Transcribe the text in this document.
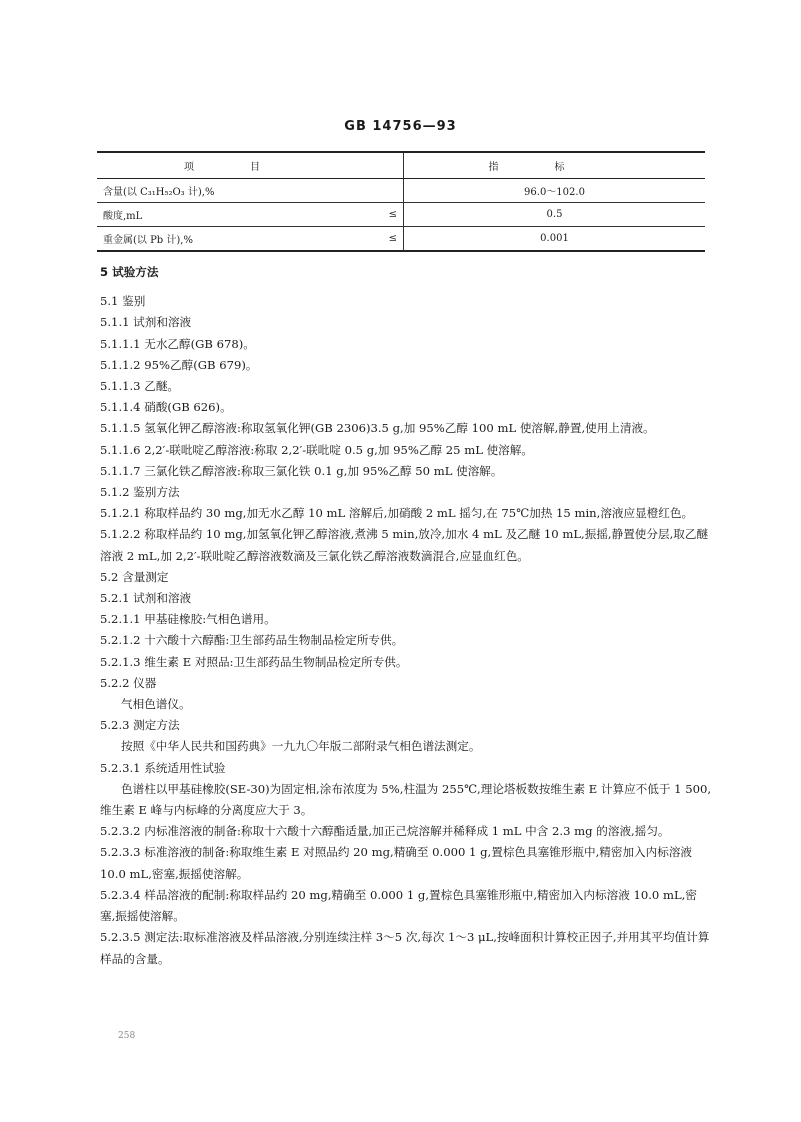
GB 14756—93
项目		指标
含量(以 C₃₁H₅₂O₃ 计),%		96.0～102.0
酸度,mL	≤	0.5
重金属(以 Pb 计),%	≤	0.001

5 试验方法

5.1 鉴别

5.1.1 试剂和溶液

5.1.1.1 无水乙醇(GB 678)。

5.1.1.2 95%乙醇(GB 679)。

5.1.1.3 乙醚。

5.1.1.4 硝酸(GB 626)。

5.1.1.5 氢氧化钾乙醇溶液:称取氢氧化钾(GB 2306)3.5 g,加 95%乙醇 100 mL 使溶解,静置,使用上清液。

5.1.1.6 2,2′-联吡啶乙醇溶液:称取 2,2′-联吡啶 0.5 g,加 95%乙醇 25 mL 使溶解。

5.1.1.7 三氯化铁乙醇溶液:称取三氯化铁 0.1 g,加 95%乙醇 50 mL 使溶解。

5.1.2 鉴别方法

5.1.2.1 称取样品约 30 mg,加无水乙醇 10 mL 溶解后,加硝酸 2 mL 摇匀,在 75℃加热 15 min,溶液应显橙红色。

5.1.2.2 称取样品约 10 mg,加氢氧化钾乙醇溶液,煮沸 5 min,放冷,加水 4 mL 及乙醚 10 mL,振摇,静置使分层,取乙醚溶液 2 mL,加 2,2′-联吡啶乙醇溶液数滴及三氯化铁乙醇溶液数滴混合,应显血红色。

5.2 含量测定

5.2.1 试剂和溶液

5.2.1.1 甲基硅橡胶:气相色谱用。

5.2.1.2 十六酸十六醇酯:卫生部药品生物制品检定所专供。

5.2.1.3 维生素 E 对照品:卫生部药品生物制品检定所专供。

5.2.2 仪器

气相色谱仪。

5.2.3 测定方法

按照《中华人民共和国药典》一九九〇年版二部附录气相色谱法测定。

5.2.3.1 系统适用性试验

色谱柱以甲基硅橡胶(SE-30)为固定相,涂布浓度为 5%,柱温为 255℃,理论塔板数按维生素 E 计算应不低于 1 500,维生素 E 峰与内标峰的分离度应大于 3。

5.2.3.2 内标准溶液的制备:称取十六酸十六醇酯适量,加正己烷溶解并稀释成 1 mL 中含 2.3 mg 的溶液,摇匀。

5.2.3.3 标准溶液的制备:称取维生素 E 对照品约 20 mg,精确至 0.000 1 g,置棕色具塞锥形瓶中,精密加入内标溶液 10.0 mL,密塞,振摇使溶解。

5.2.3.4 样品溶液的配制:称取样品约 20 mg,精确至 0.000 1 g,置棕色具塞锥形瓶中,精密加入内标溶液 10.0 mL,密塞,振摇使溶解。

5.2.3.5 测定法:取标准溶液及样品溶液,分别连续注样 3～5 次,每次 1～3 μL,按峰面积计算校正因子,并用其平均值计算样品的含量。

258
